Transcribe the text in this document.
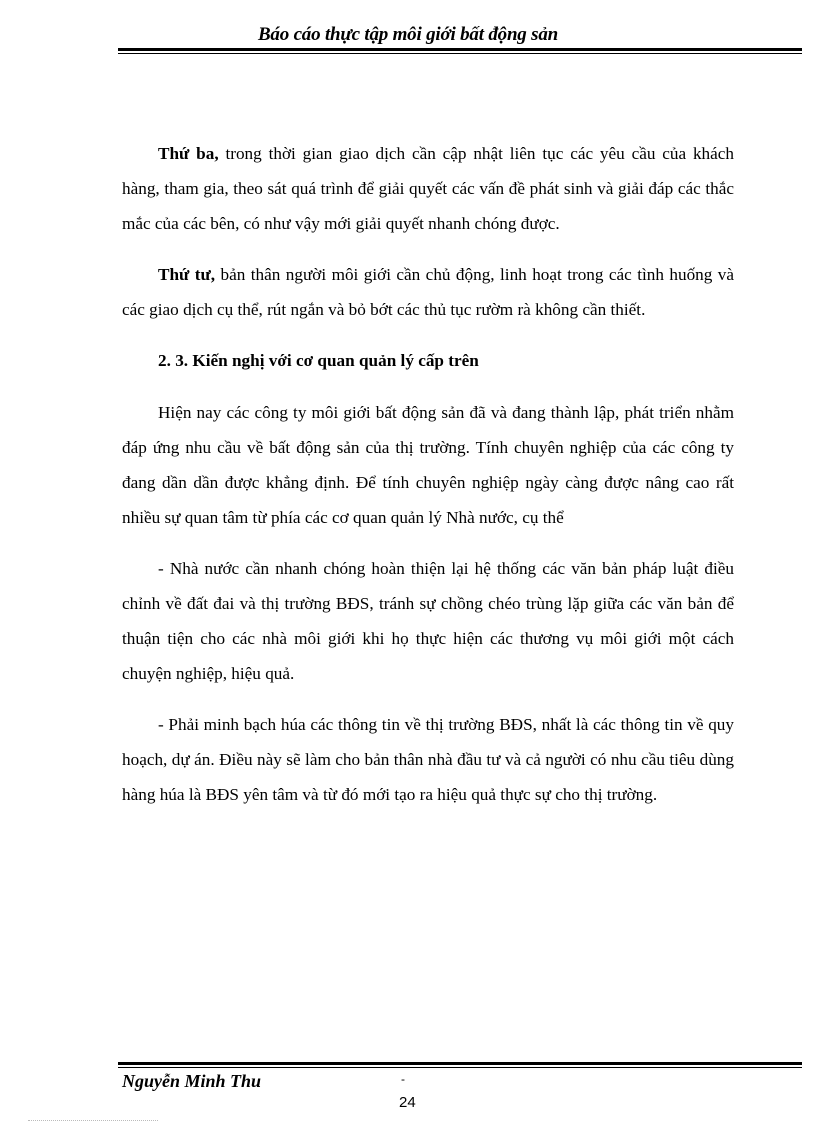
Báo cáo thực tập môi giới bất động sản

Thứ ba, trong thời gian giao dịch cần cập nhật liên tục các yêu cầu của khách hàng, tham gia, theo sát quá trình để giải quyết các vấn đề phát sinh và giải đáp các thắc mắc của các bên, có như vậy mới giải quyết nhanh chóng được.

Thứ tư, bản thân người môi giới cần chủ động, linh hoạt trong các tình huống và các giao dịch cụ thể, rút ngắn và bỏ bớt các thủ tục rườm rà không cần thiết.

2. 3. Kiến nghị với cơ quan quản lý cấp trên

Hiện nay các công ty môi giới bất động sản đã và đang thành lập, phát triển nhằm đáp ứng nhu cầu về bất động sản của thị trường. Tính chuyên nghiệp của các công ty đang dần dần được khẳng định. Để tính chuyên nghiệp ngày càng được nâng cao rất nhiều sự quan tâm từ phía các cơ quan quản lý Nhà nước, cụ thể

- Nhà nước cần nhanh chóng hoàn thiện lại hệ thống các văn bản pháp luật điều chỉnh về đất đai và thị trường BĐS, tránh sự chồng chéo trùng lặp giữa các văn bản để thuận tiện cho các nhà môi giới khi họ thực hiện các thương vụ môi giới một cách chuyện nghiệp, hiệu quả.

- Phải minh bạch húa các thông tin về thị trường BĐS, nhất là các thông tin về quy hoạch, dự án. Điều này sẽ làm cho bản thân nhà đầu tư và cả người có nhu cầu tiêu dùng hàng húa là BĐS yên tâm và từ đó mới tạo ra hiệu quả thực sự cho thị trường.

Nguyễn Minh Thu	-
24
